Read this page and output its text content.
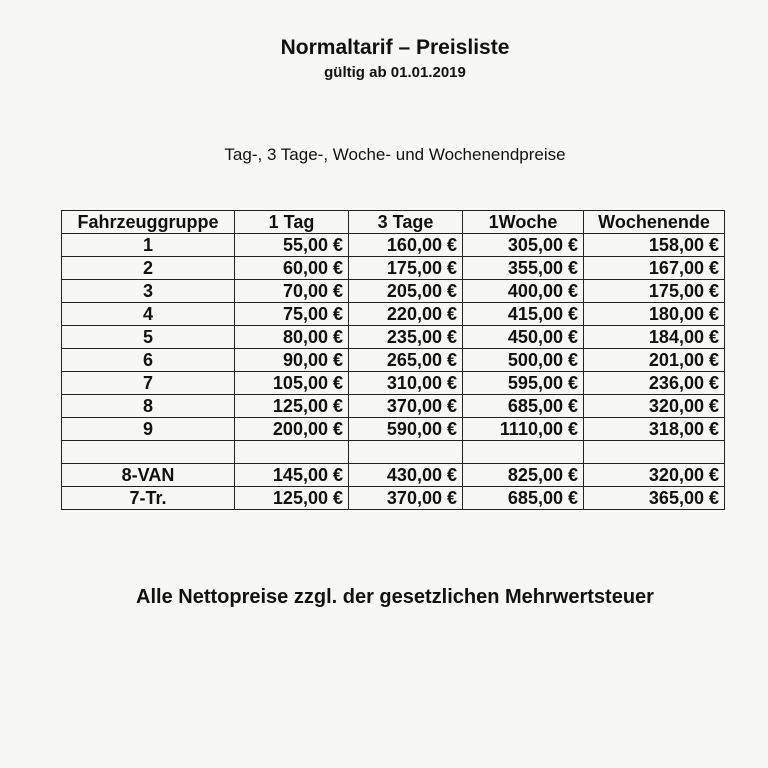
Normaltarif – Preisliste
gültig ab 01.01.2019
Tag-, 3 Tage-, Woche- und Wochenendpreise
Fahrzeuggruppe	1 Tag	3 Tage	1Woche	Wochenende
1	55,00 €	160,00 €	305,00 €	158,00 €
2	60,00 €	175,00 €	355,00 €	167,00 €
3	70,00 €	205,00 €	400,00 €	175,00 €
4	75,00 €	220,00 €	415,00 €	180,00 €
5	80,00 €	235,00 €	450,00 €	184,00 €
6	90,00 €	265,00 €	500,00 €	201,00 €
7	105,00 €	310,00 €	595,00 €	236,00 €
8	125,00 €	370,00 €	685,00 €	320,00 €
9	200,00 €	590,00 €	1110,00 €	318,00 €

8-VAN	145,00 €	430,00 €	825,00 €	320,00 €
7-Tr.	125,00 €	370,00 €	685,00 €	365,00 €
Alle Nettopreise zzgl. der gesetzlichen Mehrwertsteuer
